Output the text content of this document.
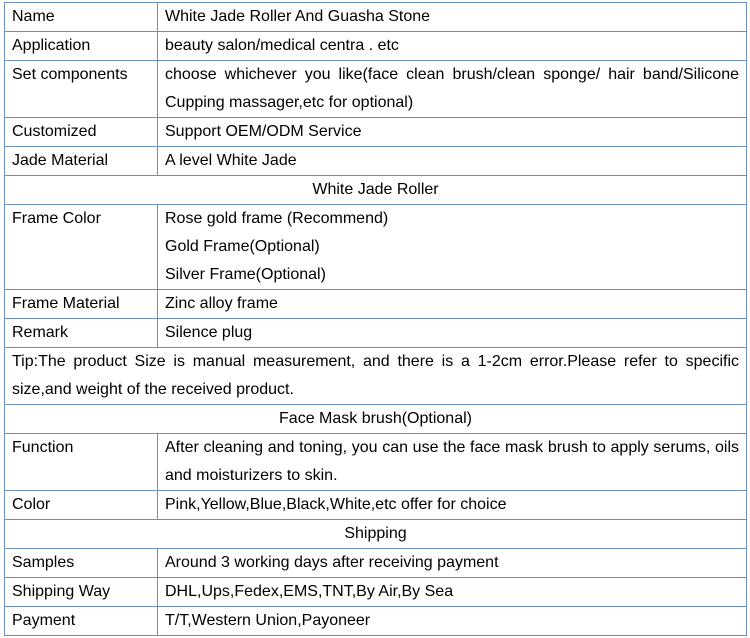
Name	White Jade Roller And Guasha Stone

Application	beauty salon/medical centra . etc

Set components	choose whichever you like(face clean brush/clean sponge/ hair band/Silicone Cupping massager,etc for optional)

Customized	Support OEM/ODM Service

Jade Material	A level White Jade

White Jade Roller	
Frame Color	Rose gold frame (Recommend)
Gold Frame(Optional)
Silver Frame(Optional)

Frame Material	Zinc alloy frame

Remark	Silence plug

Tip:The product Size is manual measurement, and there is a 1-2cm error.Please refer to specific size,and weight of the received product.	
Face Mask brush(Optional)	
Function	After cleaning and toning, you can use the face mask brush to apply serums, oils and moisturizers to skin.

Color	Pink,Yellow,Blue,Black,White,etc offer for choice

Shipping	
Samples	Around 3 working days after receiving payment

Shipping Way	DHL,Ups,Fedex,EMS,TNT,By Air,By Sea

Payment	T/T,Western Union,Payoneer
